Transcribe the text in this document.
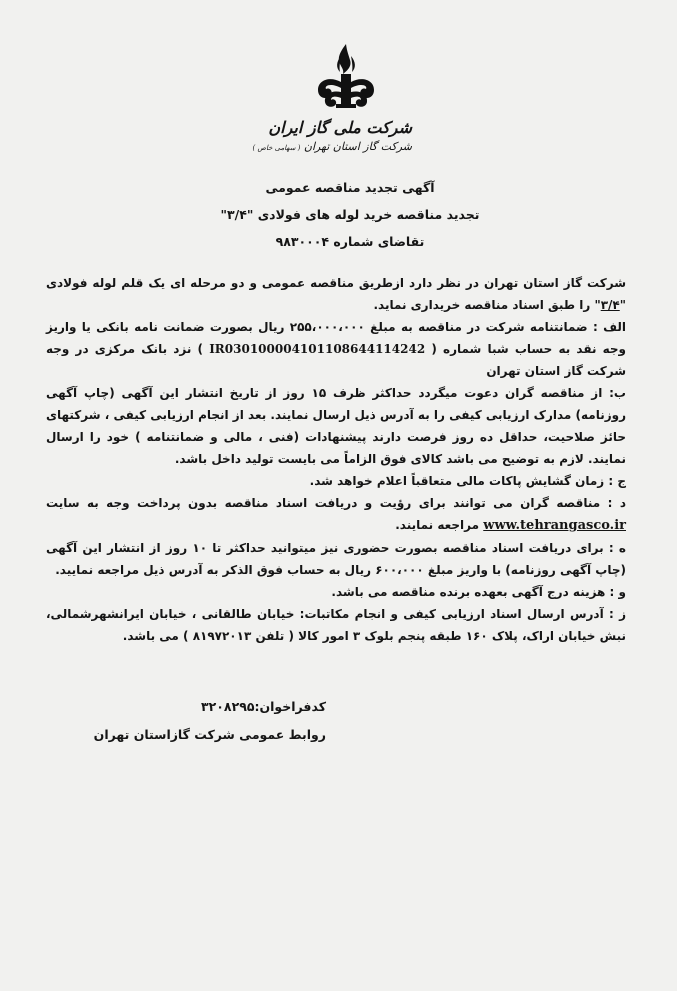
شرکت ملی گاز ایران
شرکت گاز استان تهران ( سهامی خاص )
آگهی تجدید مناقصه عمومی
تجدید مناقصه خرید لوله های فولادی "۳/۴"
تقاضای شماره ۹۸۳۰۰۰۴

شرکت گاز استان تهران در نظر دارد ازطریق مناقصه عمومی و دو مرحله ای یک قلم لوله فولادی "۳/۴" را طبق اسناد مناقصه خریداری نماید.

الف : ضمانتنامه شرکت در مناقصه به مبلغ ۲۵۵،۰۰۰،۰۰۰ ریال بصورت ضمانت نامه بانکی یا واریز وجه نقد به حساب شبا شماره ( IR030100004101108644114242 ) نزد بانک مرکزی در وجه شرکت گاز استان تهران

ب: از مناقصه گران دعوت میگردد حداکثر ظرف ۱۵ روز از تاریخ انتشار این آگهی (چاپ آگهی روزنامه) مدارک ارزیابی کیفی را به آدرس ذیل ارسال نمایند. بعد از انجام ارزیابی کیفی ، شرکتهای حائز صلاحیت، حداقل ده روز فرصت دارند پیشنهادات (فنی ، مالی و ضمانتنامه ) خود را ارسال نمایند. لازم به توضیح می باشد کالای فوق الزاماً می بایست تولید داخل باشد.

ج : زمان گشایش پاکات مالی متعاقباً اعلام خواهد شد.

د : مناقصه گران می توانند برای رؤیت و دریافت اسناد مناقصه بدون پرداخت وجه به سایت www.tehrangasco.ir مراجعه نمایند.

ه : برای دریافت اسناد مناقصه بصورت حضوری نیز میتوانید حداکثر تا ۱۰ روز از انتشار این آگهی (چاپ آگهی روزنامه) با واریز مبلغ ۶۰۰،۰۰۰ ریال به حساب فوق الذکر به آدرس ذیل مراجعه نمایید.

و : هزینه درج آگهی بعهده برنده مناقصه می باشد.

ز : آدرس ارسال اسناد ارزیابی کیفی و انجام مکاتبات: خیابان طالقانی ، خیابان ایرانشهرشمالی، نبش خیابان اراک، پلاک ۱۶۰ طبقه پنجم بلوک ۳ امور کالا ( تلفن ۸۱۹۷۲۰۱۳ ) می باشد.

کدفراخوان:۳۲۰۸۲۹۵
روابط عمومی شرکت گازاستان تهران
